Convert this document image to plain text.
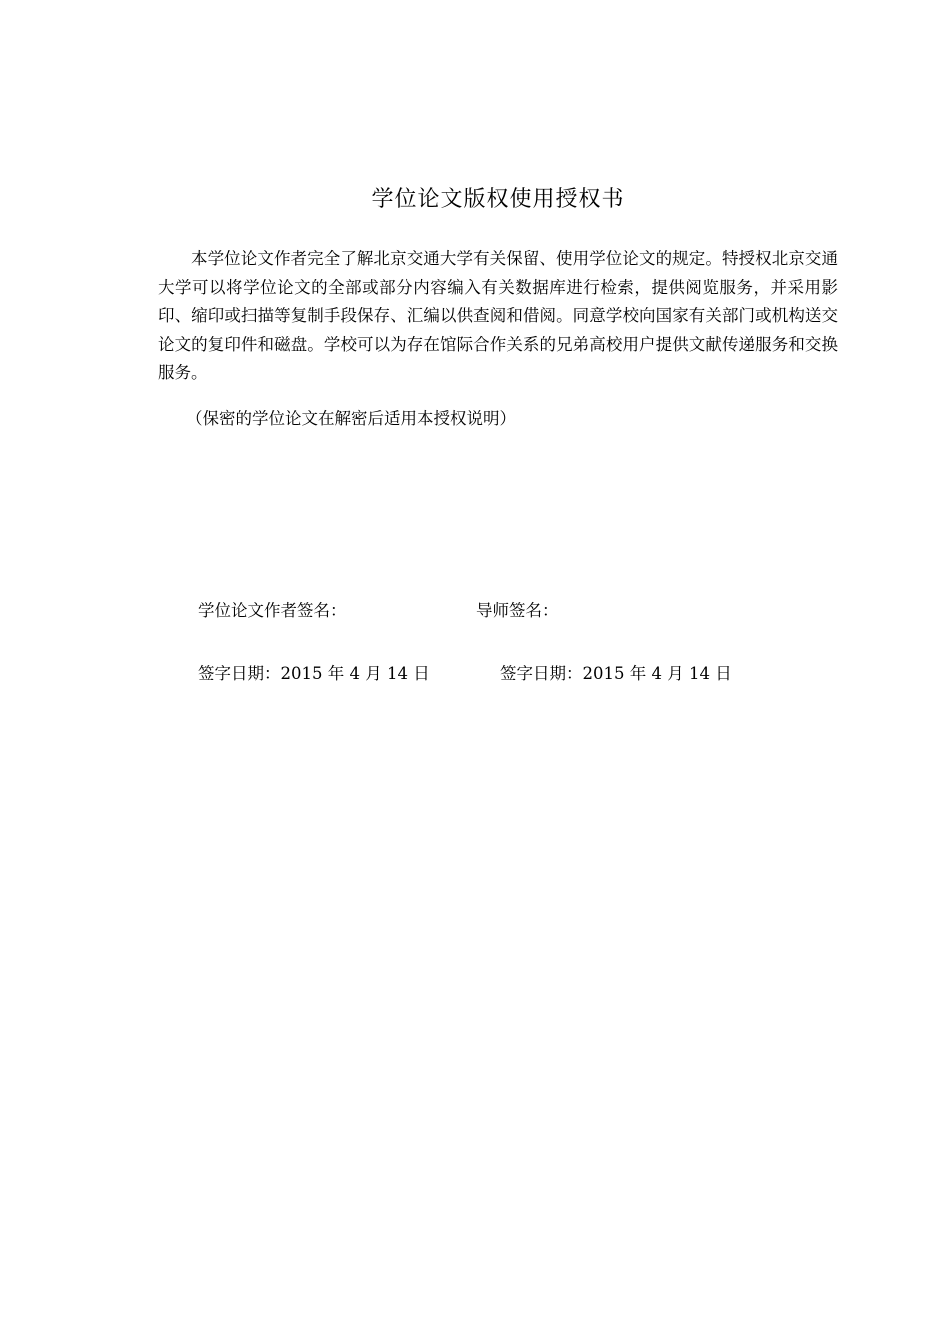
学位论文版权使用授权书

本学位论文作者完全了解北京交通大学有关保留、使用学位论文的规定。特授权北京交通大学可以将学位论文的全部或部分内容编入有关数据库进行检索，提供阅览服务，并采用影印、缩印或扫描等复制手段保存、汇编以供查阅和借阅。同意学校向国家有关部门或机构送交论文的复印件和磁盘。学校可以为存在馆际合作关系的兄弟高校用户提供文献传递服务和交换服务。

（保密的学位论文在解密后适用本授权说明）
学位论文作者签名：	导师签名：
签字日期：2015 年 4 月 14 日	签字日期：2015 年 4 月 14 日
